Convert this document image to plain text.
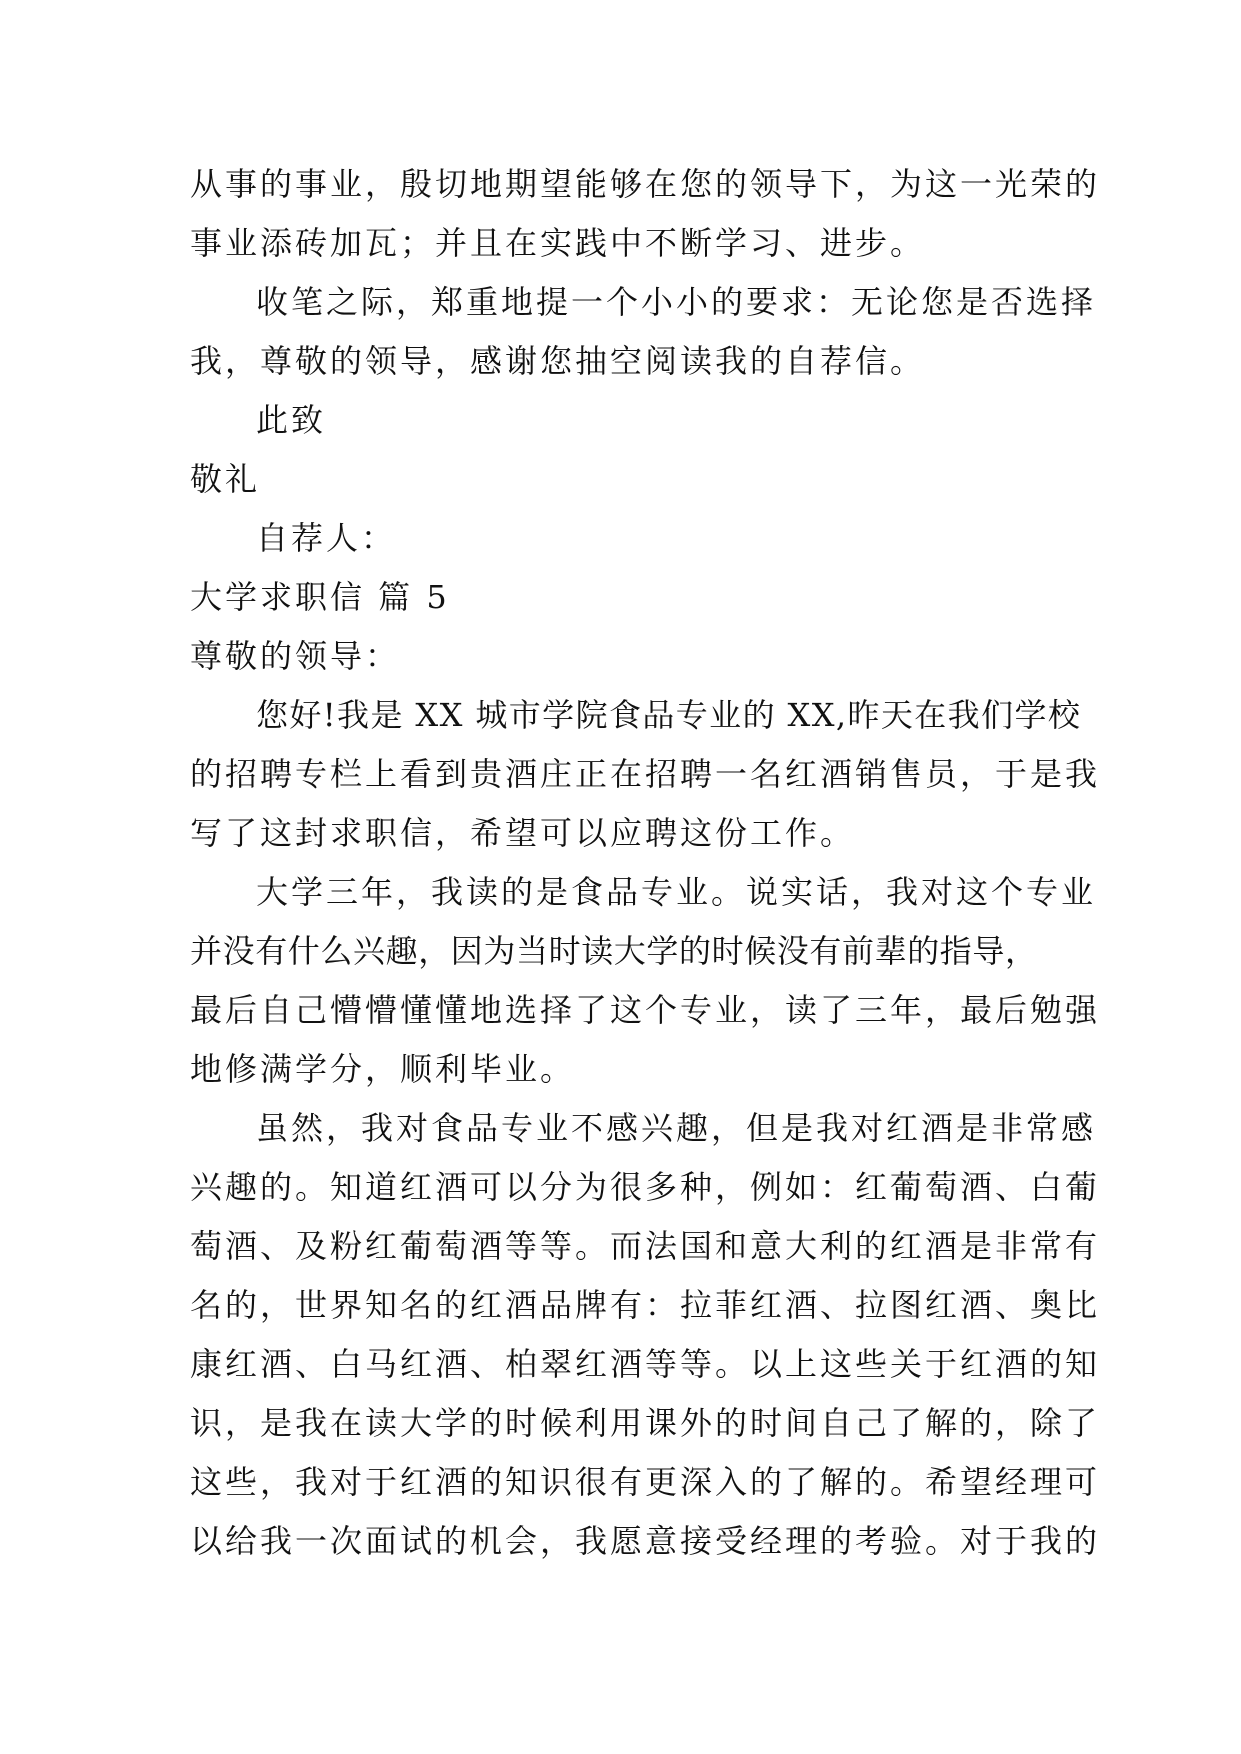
从事的事业，殷切地期望能够在您的领导下，为这一光荣的
事业添砖加瓦；并且在实践中不断学习、进步。
收笔之际，郑重地提一个小小的要求：无论您是否选择
我，尊敬的领导，感谢您抽空阅读我的自荐信。
此致
敬礼
自荐人：
大学求职信 篇 5
尊敬的领导：
您好!我是 XX 城市学院食品专业的 XX,昨天在我们学校
的招聘专栏上看到贵酒庄正在招聘一名红酒销售员，于是我
写了这封求职信，希望可以应聘这份工作。
大学三年，我读的是食品专业。说实话，我对这个专业
并没有什么兴趣，因为当时读大学的时候没有前辈的指导，
最后自己懵懵懂懂地选择了这个专业，读了三年，最后勉强
地修满学分，顺利毕业。
虽然，我对食品专业不感兴趣，但是我对红酒是非常感
兴趣的。知道红酒可以分为很多种，例如：红葡萄酒、白葡
萄酒、及粉红葡萄酒等等。而法国和意大利的红酒是非常有
名的，世界知名的红酒品牌有：拉菲红酒、拉图红酒、奥比
康红酒、白马红酒、柏翠红酒等等。以上这些关于红酒的知
识，是我在读大学的时候利用课外的时间自己了解的，除了
这些，我对于红酒的知识很有更深入的了解的。希望经理可
以给我一次面试的机会，我愿意接受经理的考验。对于我的
